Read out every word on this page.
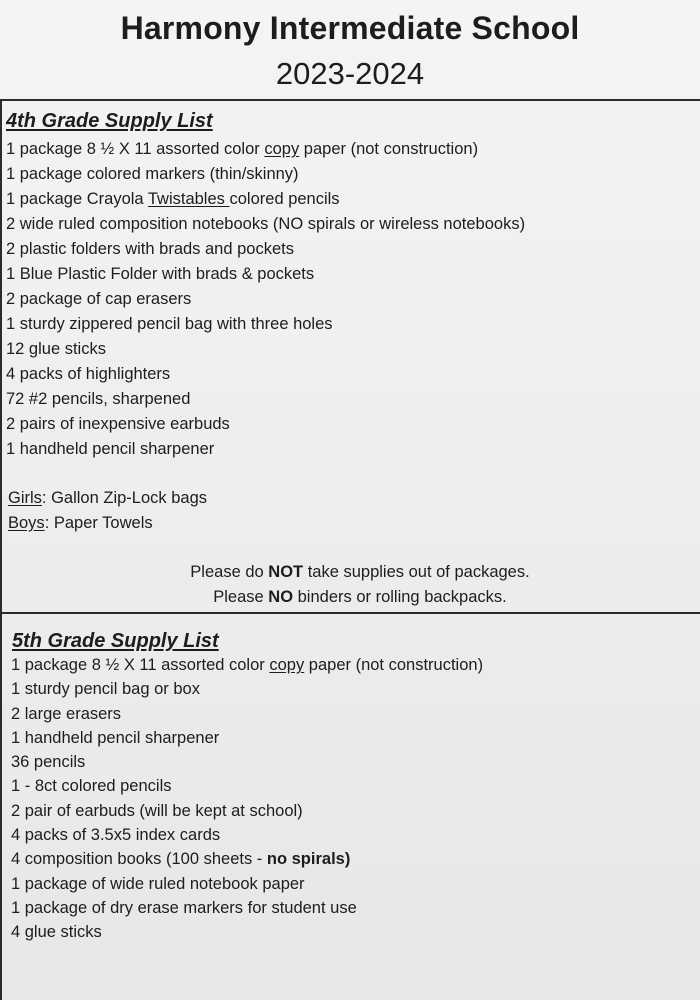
Harmony Intermediate School
2023-2024
4th Grade Supply List
1 package 8 ½ X 11 assorted color copy paper (not construction)
1 package colored markers (thin/skinny)
1 package Crayola Twistables colored pencils
2 wide ruled composition notebooks (NO spirals or wireless notebooks)
2 plastic folders with brads and pockets
1 Blue Plastic Folder with brads & pockets
2 package of cap erasers
1 sturdy zippered pencil bag with three holes
12 glue sticks
4 packs of highlighters
72 #2 pencils, sharpened
2 pairs of inexpensive earbuds
1 handheld pencil sharpener
Girls: Gallon Zip-Lock bags
Boys: Paper Towels
Please do NOT take supplies out of packages.
Please NO binders or rolling backpacks.
5th Grade Supply List
1 package 8 ½ X 11 assorted color copy paper (not construction)
1 sturdy pencil bag or box
2 large erasers
1 handheld pencil sharpener
36 pencils
1 - 8ct colored pencils
2 pair of earbuds (will be kept at school)
4 packs of 3.5x5 index cards
4 composition books (100 sheets - no spirals)
1 package of wide ruled notebook paper
1 package of dry erase markers for student use
4 glue sticks
